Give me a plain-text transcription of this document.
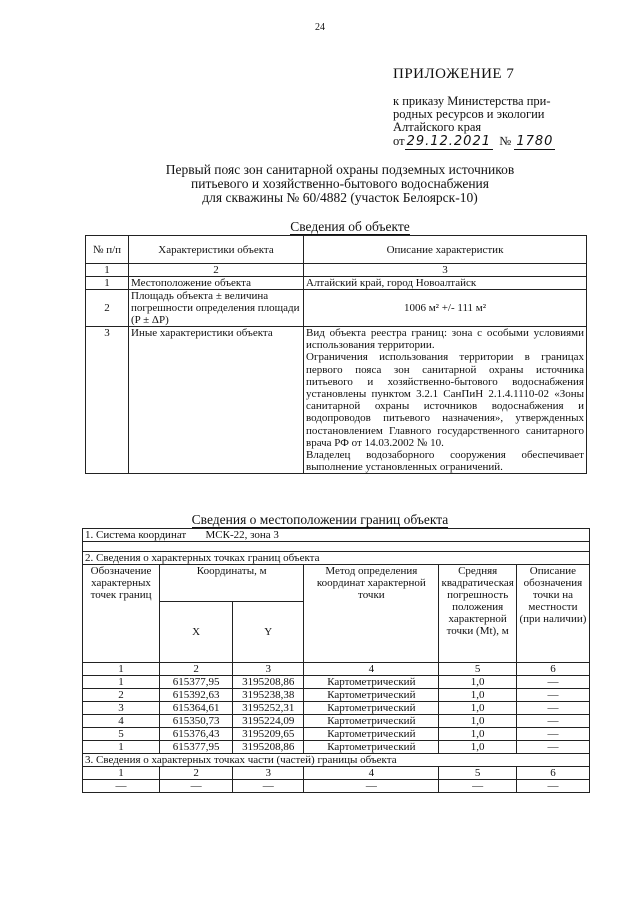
24
ПРИЛОЖЕНИЕ 7
к приказу Министерства при-
родных ресурсов и экологии
Алтайского края
от 29.12.2021 № 1780
Первый пояс зон санитарной охраны подземных источников
питьевого и хозяйственно-бытового водоснабжения
для скважины № 60/4882 (участок Белоярск-10)
Сведения об объекте
№ п/п	Характеристики объекта	Описание характеристик
1	2	3
1	Местоположение объекта	Алтайский край, город Новоалтайск
2	Площадь объекта ± величина погрешности определения площади (P ± ΔP)	1006 м² +/- 111 м²
3	Иные характеристики объекта	Вид объекта реестра границ: зона с особыми условиями использования территории.
Ограничения использования территории в границах первого пояса зон санитарной охраны источника питьевого и хозяйственно-бытового водоснабжения установлены пунктом 3.2.1 СанПиН 2.1.4.1110-02 «Зоны санитарной охраны источников водоснабжения и водопроводов питьевого назначения», утвержденных постановлением Главного государственного санитарного врача РФ от 14.03.2002 № 10.
Владелец водозаборного сооружения обеспечивает выполнение установленных ограничений.
Сведения о местоположении границ объекта
1. Система координат МСК-22, зона 3					

2. Сведения о характерных точках границ объекта					
Обозначение характерных точек границ	Координаты, м		Метод определения координат характерной точки	Средняя квадратическая погрешность положения характерной точки (Mt), м	Описание обозначения точки на местности (при наличии)
	X	Y			
1	2	3	4	5	6
1	615377,95	3195208,86	Картометрический	1,0	—
2	615392,63	3195238,38	Картометрический	1,0	—
3	615364,61	3195252,31	Картометрический	1,0	—
4	615350,73	3195224,09	Картометрический	1,0	—
5	615376,43	3195209,65	Картометрический	1,0	—
1	615377,95	3195208,86	Картометрический	1,0	—
3. Сведения о характерных точках части (частей) границы объекта					
1	2	3	4	5	6
—	—	—	—	—	—
